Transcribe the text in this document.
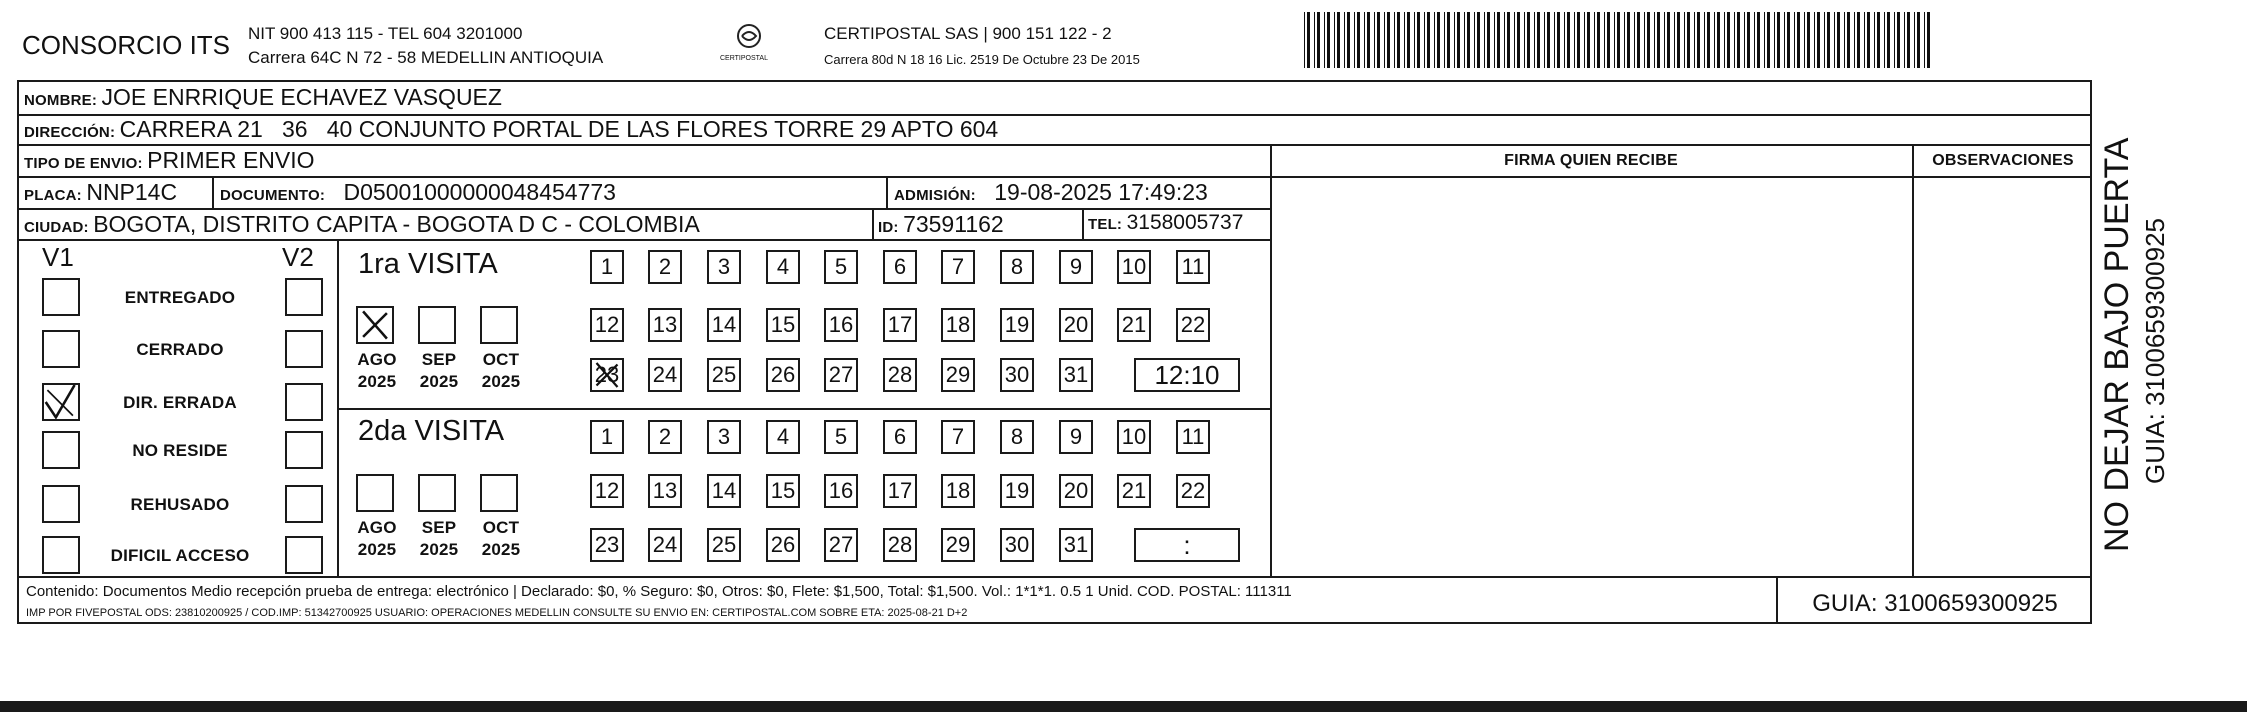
CONSORCIO ITS NIT 900 413 115 - TEL 604 3201000
Carrera 64C N 72 - 58 MEDELLIN ANTIOQUIA	CERTIPOSTAL
CERTIPOSTAL SAS | 900 151 122 - 2
Carrera 80d N 18 16 Lic. 2519 De Octubre 23 De 2015
NOMBRE: JOE ENRRIQUE ECHAVEZ VASQUEZ
DIRECCIÓN: CARRERA 21   36   40 CONJUNTO PORTAL DE LAS FLORES TORRE 29 APTO 604
TIPO DE ENVIO: PRIMER ENVIO
PLACA: NNP14C	DOCUMENTO: D05001000000048454773	ADMISIÓN: 19-08-2025 17:49:23
CIUDAD: BOGOTA, DISTRITO CAPITA - BOGOTA D C - COLOMBIA	ID: 73591162	TEL: 3158005737
FIRMA QUIEN RECIBE	OBSERVACIONES
V1	V2
ENTREGADO
CERRADO
DIR. ERRADA
NO RESIDE
REHUSADO
DIFICIL ACCESO
1ra VISITA
2da VISITA
AGO
2025
SEP
2025
OCT
2025
1	2	3	4	5	6	7	8	9	10 11
12 13 14 15 16 17 18 19 20 21 22
23 24 25 26 27 28 29 30 31	12:10
AGO
2025
SEP
2025
OCT
2025
1	2	3	4	5	6	7	8	9	10 11
12 13 14 15 16 17 18 19 20 21 22
23 24 25 26 27 28 29 30 31	:
Contenido: Documentos Medio recepción prueba de entrega: electrónico | Declarado: $0, % Seguro: $0, Otros: $0, Flete: $1,500, Total: $1,500. Vol.: 1*1*1. 0.5 1 Unid. COD. POSTAL: 111311
IMP POR FIVEPOSTAL ODS: 23810200925 / COD.IMP: 51342700925 USUARIO: OPERACIONES MEDELLIN CONSULTE SU ENVIO EN: CERTIPOSTAL.COM SOBRE ETA: 2025-08-21 D+2	GUIA: 3100659300925
NO DEJAR BAJO PUERTA GUIA: 3100659300925
